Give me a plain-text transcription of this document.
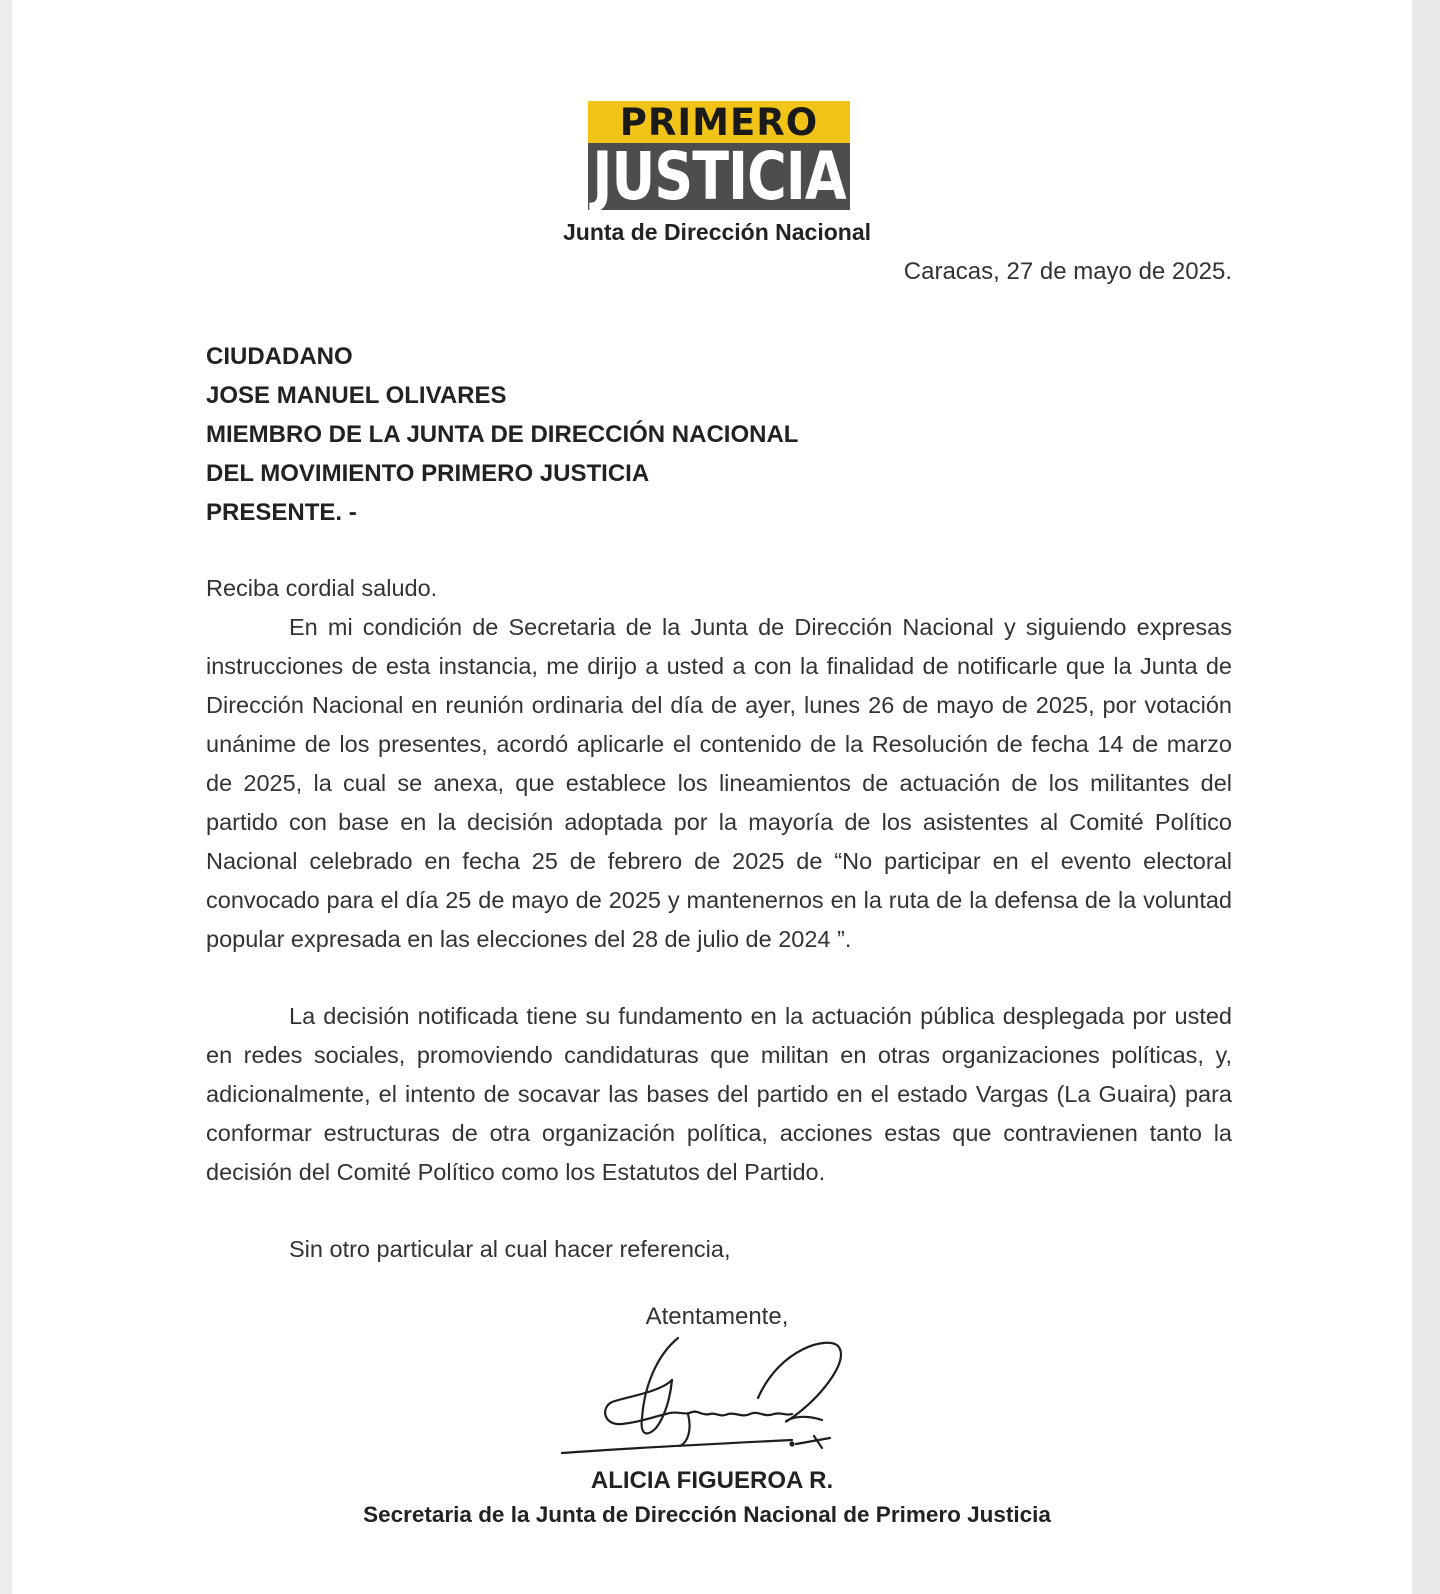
PRIMERO
JUSTICIA
Junta de Dirección Nacional
Caracas, 27 de mayo de 2025.
CIUDADANO
JOSE MANUEL OLIVARES
MIEMBRO DE LA JUNTA DE DIRECCIÓN NACIONAL
DEL MOVIMIENTO PRIMERO JUSTICIA
PRESENTE. -

Reciba cordial saludo.

En mi condición de Secretaria de la Junta de Dirección Nacional y siguiendo expresas instrucciones de esta instancia, me dirijo a usted a con la finalidad de notificarle que la Junta de Dirección Nacional en reunión ordinaria del día de ayer, lunes 26 de mayo de 2025, por votación unánime de los presentes, acordó aplicarle el contenido de la Resolución de fecha 14 de marzo de 2025, la cual se anexa, que establece los lineamientos de actuación de los militantes del partido con base en la decisión adoptada por la mayoría de los asistentes al Comité Político Nacional celebrado en fecha 25 de febrero de 2025 de “No participar en el evento electoral convocado para el día 25 de mayo de 2025 y mantenernos en la ruta de la defensa de la voluntad popular expresada en las elecciones del 28 de julio de 2024 ”.

La decisión notificada tiene su fundamento en la actuación pública desplegada por usted en redes sociales, promoviendo candidaturas que militan en otras organizaciones políticas, y, adicionalmente, el intento de socavar las bases del partido en el estado Vargas (La Guaira) para conformar estructuras de otra organización política, acciones estas que contravienen tanto la decisión del Comité Político como los Estatutos del Partido.

Sin otro particular al cual hacer referencia,

Atentamente,
ALICIA FIGUEROA R.
Secretaria de la Junta de Dirección Nacional de Primero Justicia
